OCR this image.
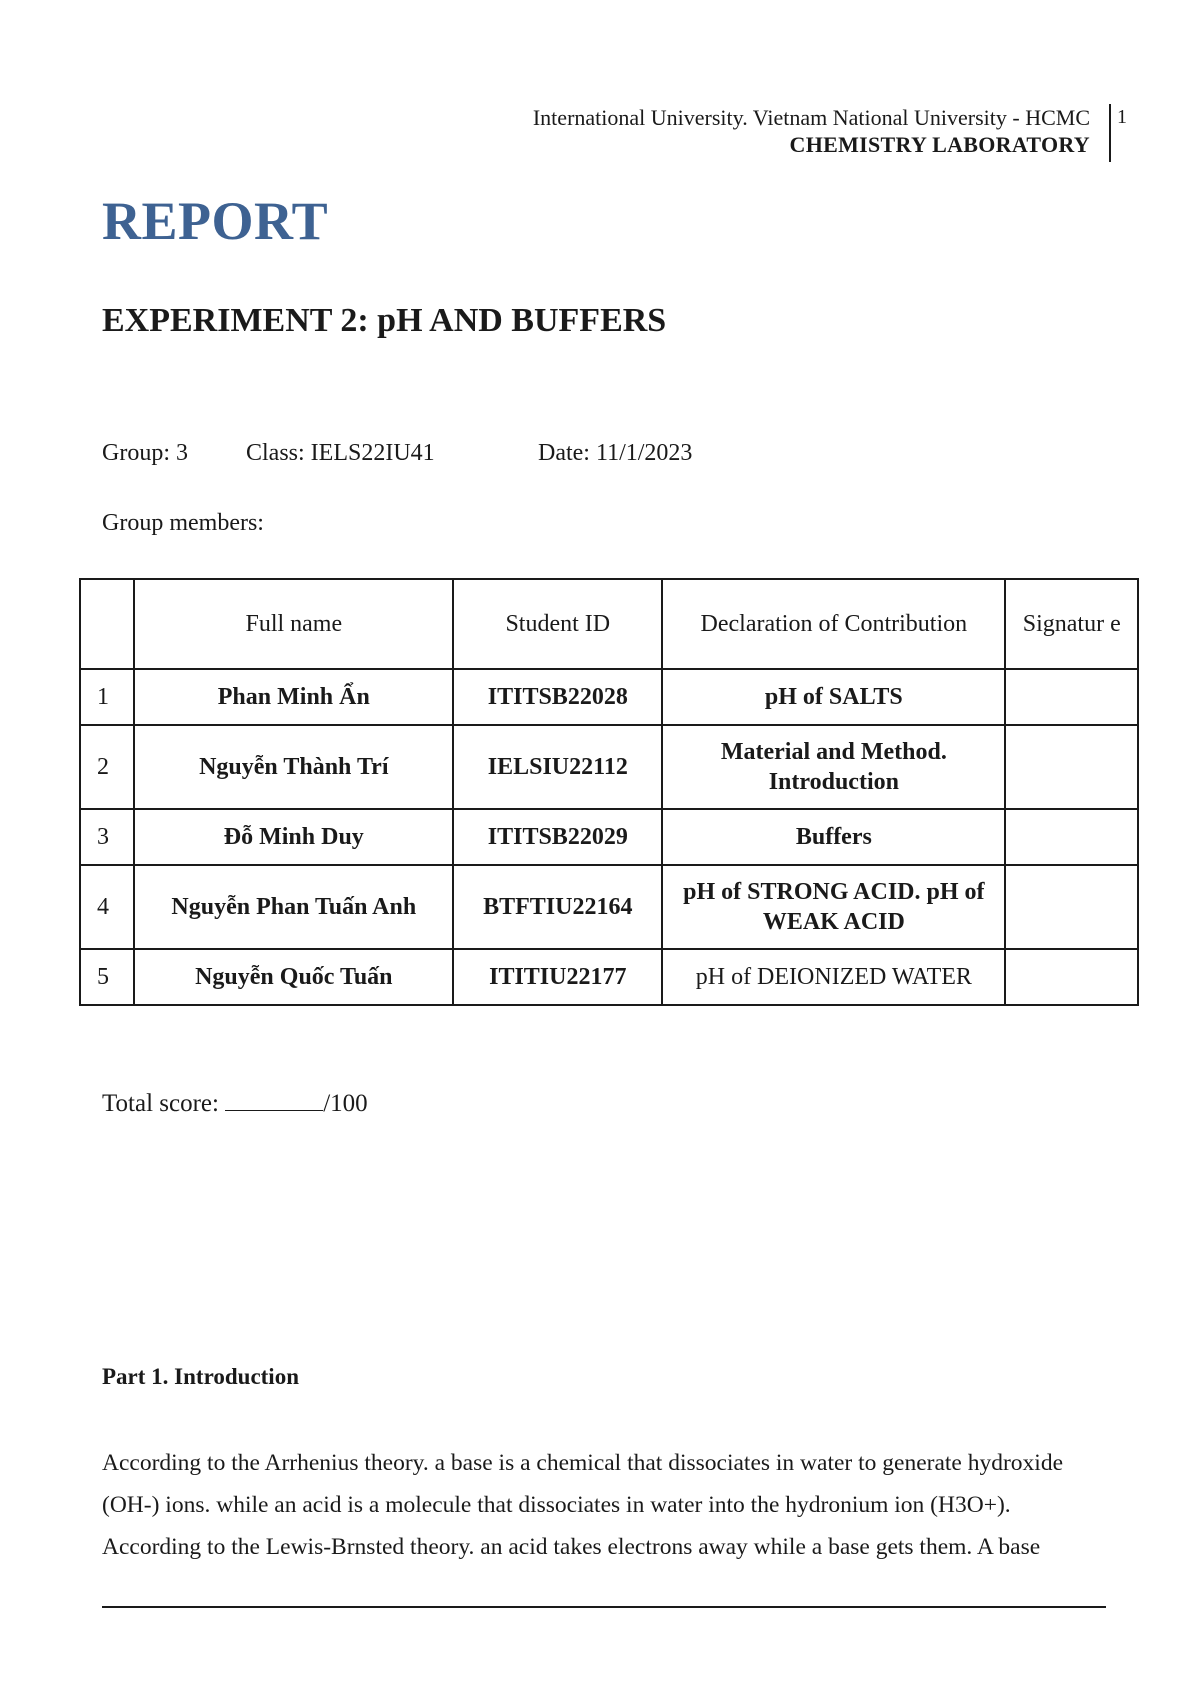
International University. Vietnam National University - HCMC
CHEMISTRY LABORATORY
1
REPORT
EXPERIMENT 2: pH AND BUFFERS
Group: 3 Class: IELS22IU41	Date: 11/1/2023
Group members:
	Full name	Student ID	Declaration of Contribution	Signatur e
1	Phan Minh Ẩn	ITITSB22028	pH of SALTS	
2	Nguyễn Thành Trí	IELSIU22112	Material and Method. Introduction	
3	Đỗ Minh Duy	ITITSB22029	Buffers	
4	Nguyễn Phan Tuấn Anh	BTFTIU22164	pH of STRONG ACID. pH of WEAK ACID	
5	Nguyễn Quốc Tuấn	ITITIU22177	pH of DEIONIZED WATER	
Total score:	/100
Part 1. Introduction
According to the Arrhenius theory. a base is a chemical that dissociates in water to generate hydroxide
(OH-) ions. while an acid is a molecule that dissociates in water into the hydronium ion (H3O+).
According to the Lewis-Brnsted theory. an acid takes electrons away while a base gets them. A base
